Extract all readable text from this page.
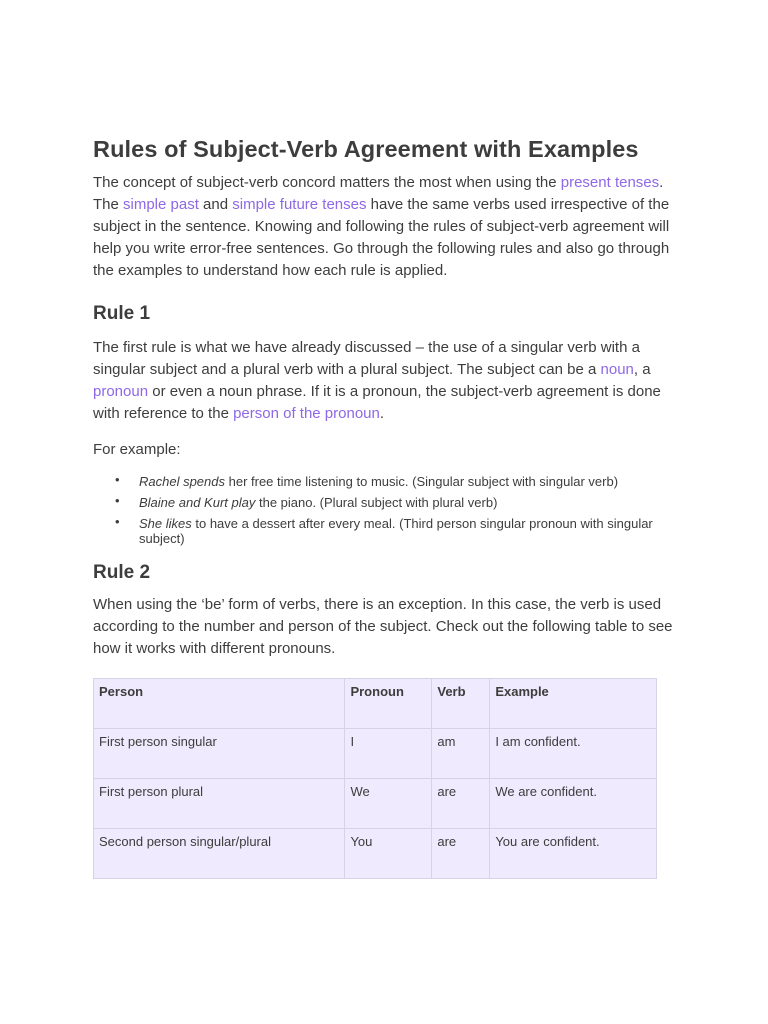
Rules of Subject-Verb Agreement with Examples

The concept of subject-verb concord matters the most when using the present tenses. The simple past and simple future tenses have the same verbs used irrespective of the subject in the sentence. Knowing and following the rules of subject-verb agreement will help you write error-free sentences. Go through the following rules and also go through the examples to understand how each rule is applied.

Rule 1

The first rule is what we have already discussed – the use of a singular verb with a singular subject and a plural verb with a plural subject. The subject can be a noun, a pronoun or even a noun phrase. If it is a pronoun, the subject-verb agreement is done with reference to the person of the pronoun.

For example:

• Rachel spends her free time listening to music. (Singular subject with singular verb)
• Blaine and Kurt play the piano. (Plural subject with plural verb)
• She likes to have a dessert after every meal. (Third person singular pronoun with singular subject)
Rule 2

When using the ‘be’ form of verbs, there is an exception. In this case, the verb is used according to the number and person of the subject. Check out the following table to see how it works with different pronouns.

Person	Pronoun	Verb	Example
First person singular	I	am	I am confident.
First person plural	We	are	We are confident.
Second person singular/plural	You	are	You are confident.
